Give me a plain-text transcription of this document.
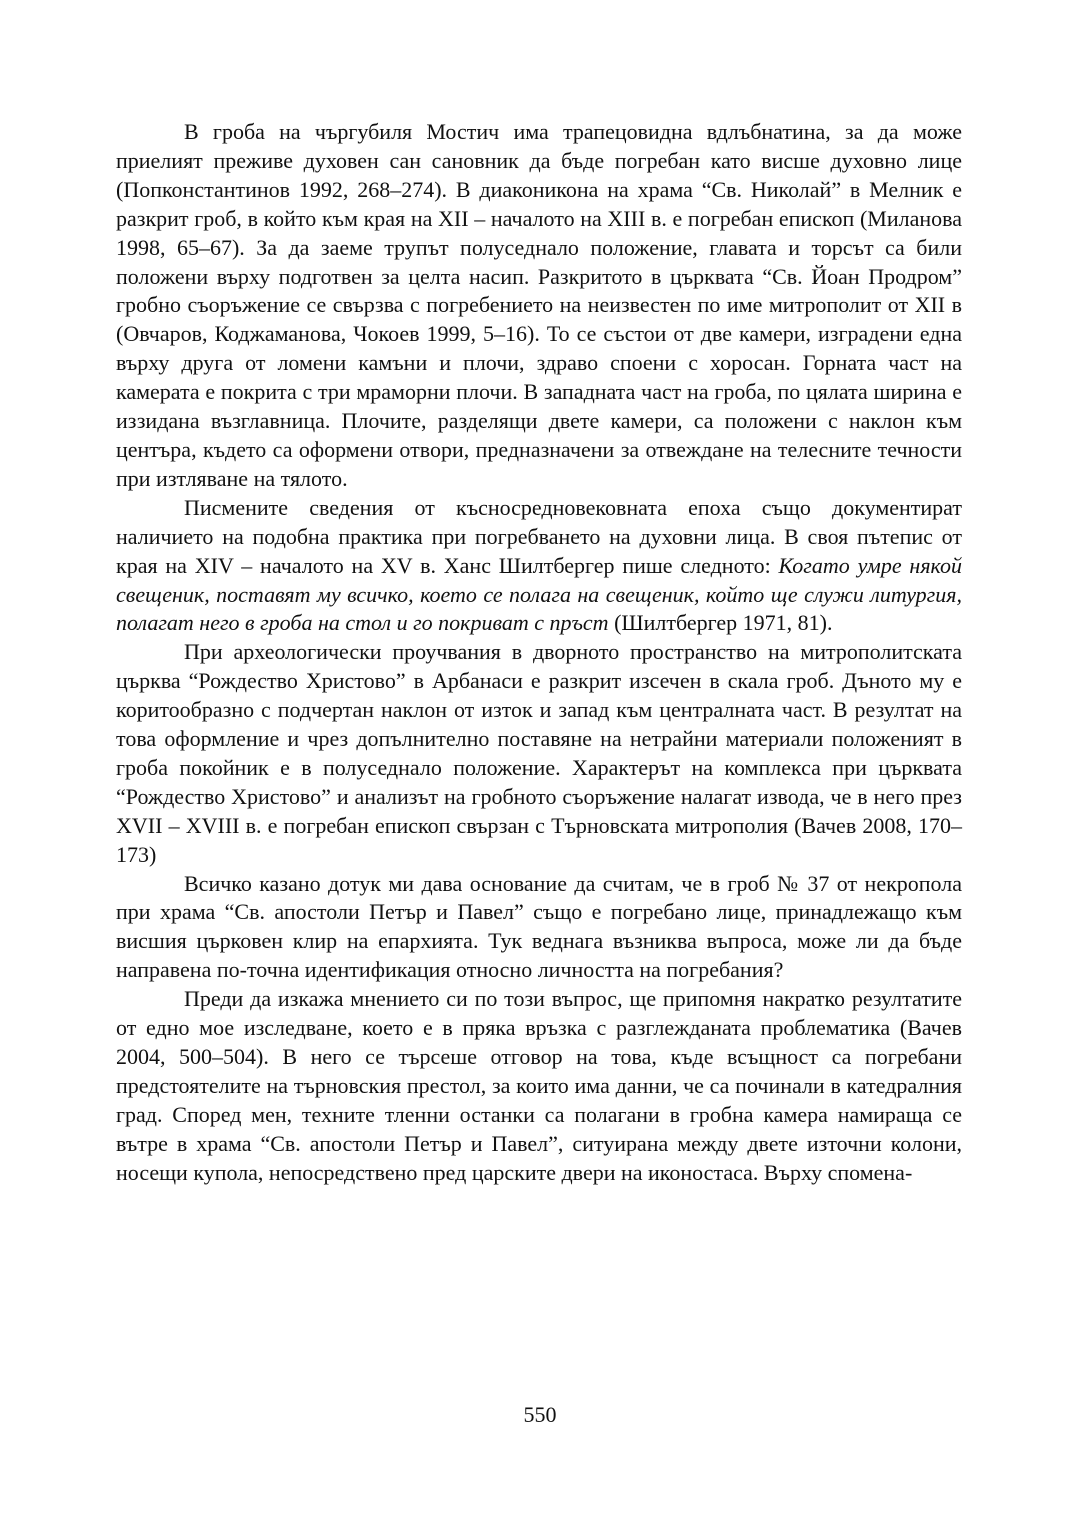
В гроба на чъргубиля Мостич има трапецовидна вдлъбнатина, за да може приелият преживе духовен сан сановник да бъде погребан като висше духовно лице (Попконстантинов 1992, 268–274). В диаконикона на храма “Св. Николай” в Мелник е разкрит гроб, в който към края на XII – началото на XIII в. е погребан епископ (Миланова 1998, 65–67). За да заеме трупът полуседнало положение, главата и торсът са били положени върху подготвен за целта насип. Разкритото в църквата “Св. Йоан Продром” гробно съоръжение се свързва с погребението на неизвестен по име митрополит от XII в (Овчаров, Коджаманова, Чокоев 1999, 5–16). То се състои от две камери, изградени една върху друга от ломени камъни и плочи, здраво споени с хоросан. Горната част на камерата е покрита с три мраморни плочи. В западната част на гроба, по цялата ширина е иззидана възглавница. Плочите, разделящи двете камери, са положени с наклон към центъра, където са оформени отвори, предназначени за отвеждане на телесните течности при изтляване на тялото.

Писмените сведения от късносредновековната епоха също документират наличието на подобна практика при погребването на духовни лица. В своя пътепис от края на XIV – началото на XV в. Ханс Шилтбергер пише следното: Когато умре някой свещеник, поставят му всичко, което се полага на свещеник, който ще служи литургия, полагат него в гроба на стол и го покриват с пръст (Шилтбергер 1971, 81).

При археологически проучвания в дворното пространство на митрополитската църква “Рождество Христово” в Арбанаси е разкрит изсечен в скала гроб. Дъното му е коритообразно с подчертан наклон от изток и запад към централната част. В резултат на това оформление и чрез допълнително поставяне на нетрайни материали положеният в гроба покойник е в полуседнало положение. Характерът на комплекса при църквата “Рождество Христово” и анализът на гробното съоръжение налагат извода, че в него през XVII – XVIII в. е погребан епископ свързан с Търновската митрополия (Вачев 2008, 170–173)

Всичко казано дотук ми дава основание да считам, че в гроб № 37 от некропола при храма “Св. апостоли Петър и Павел” също е погребано лице, принадлежащо към висшия църковен клир на епархията. Тук веднага възниква въпроса, може ли да бъде направена по-точна идентификация относно личността на погребания?

Преди да изкажа мнението си по този въпрос, ще припомня накратко резултатите от едно мое изследване, което е в пряка връзка с разглежданата проблематика (Вачев 2004, 500–504). В него се търсеше отговор на това, къде всъщност са погребани предстоятелите на търновския престол, за които има данни, че са починали в катедралния град. Според мен, техните тленни останки са полагани в гробна камера намираща се вътре в храма “Св. апостоли Петър и Павел”, ситуирана между двете източни колони, носещи купола, непосредствено пред царските двери на иконостаса. Върху спомена-

550
